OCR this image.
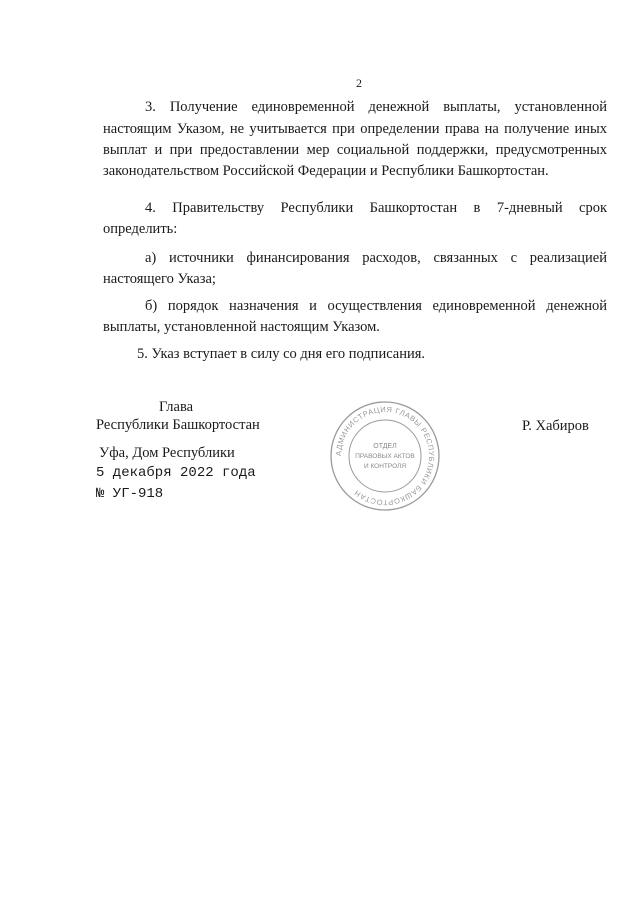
2
3. Получение единовременной денежной выплаты, установленной
настоящим Указом, не учитывается при определении права на получение иных выплат и при предоставлении мер социальной поддержки, предусмотренных законодательством Российской Федерации и Республики Башкортостан.
4. Правительству Республики Башкортостан в 7-дневный срок
определить:
а) источники финансирования расходов, связанных с реализацией
настоящего Указа;
б) порядок назначения и осуществления единовременной денежной
выплаты, установленной настоящим Указом.
5. Указ вступает в силу со дня его подписания.
Глава
Республики Башкортостан	Р. Хабиров
АДМИНИСТРАЦИЯ ГЛАВЫ РЕСПУБЛИКИ БАШКОРТОСТАН
ОТДЕЛ
ПРАВОВЫХ АКТОВ
И КОНТРОЛЯ
Уфа, Дом Республики
5 декабря 2022 года
№ УГ-918
